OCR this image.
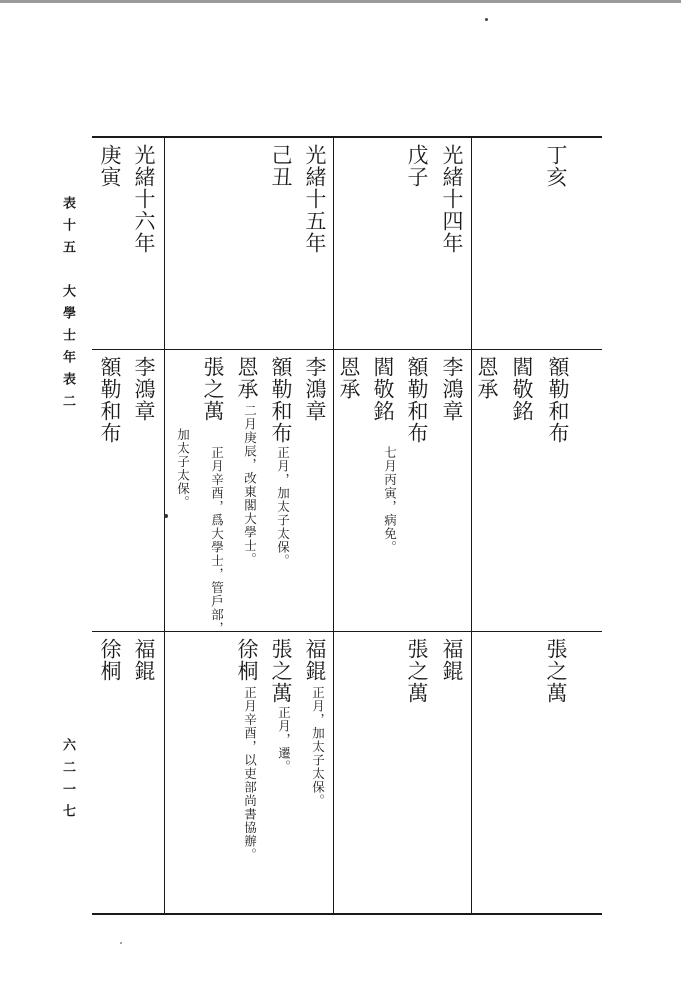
丁亥
額勒和布
閻敬銘
恩承
張之萬
光緒十四年
戊子
李鴻章
額勒和布
閻敬銘
七月丙寅，病免。
恩承
福錕
張之萬
光緒十五年
己丑
李鴻章
額勒和布
正月，加太子太保。
恩承
二月庚辰，改東閣大學士。
張之萬
正月辛酉，爲大學士，管戶部，
加太子太保。
福錕
正月，加太子太保。
張之萬
正月，遷。
徐桐
正月辛酉，以吏部尚書協辦。
光緒十六年
庚寅
李鴻章
額勒和布
福錕
徐桐
表十五　大學士年表二
六二一七
